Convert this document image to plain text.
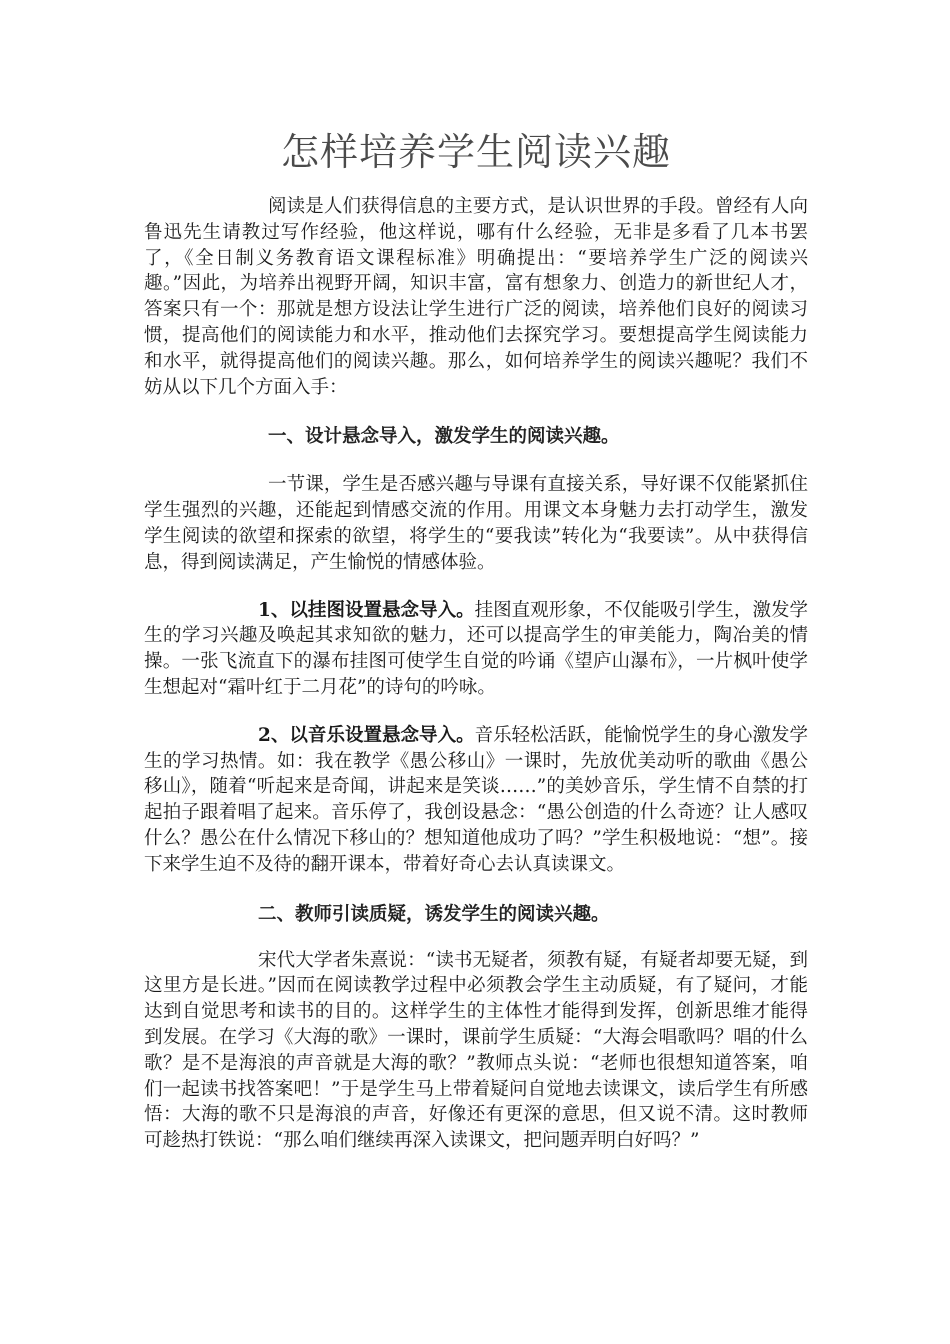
怎样培养学生阅读兴趣

阅读是人们获得信息的主要方式，是认识世界的手段。曾经有人向鲁迅先生请教过写作经验，他这样说，哪有什么经验，无非是多看了几本书罢了，《全日制义务教育语文课程标准》明确提出：“要培养学生广泛的阅读兴趣。”因此，为培养出视野开阔，知识丰富，富有想象力、创造力的新世纪人才，答案只有一个：那就是想方设法让学生进行广泛的阅读，培养他们良好的阅读习惯，提高他们的阅读能力和水平，推动他们去探究学习。要想提高学生阅读能力和水平，就得提高他们的阅读兴趣。那么，如何培养学生的阅读兴趣呢？我们不妨从以下几个方面入手：

一、设计悬念导入，激发学生的阅读兴趣。

一节课，学生是否感兴趣与导课有直接关系，导好课不仅能紧抓住学生强烈的兴趣，还能起到情感交流的作用。用课文本身魅力去打动学生，激发学生阅读的欲望和探索的欲望，将学生的“要我读”转化为“我要读”。从中获得信息，得到阅读满足，产生愉悦的情感体验。

1、以挂图设置悬念导入。挂图直观形象，不仅能吸引学生，激发学生的学习兴趣及唤起其求知欲的魅力，还可以提高学生的审美能力，陶冶美的情操。一张飞流直下的瀑布挂图可使学生自觉的吟诵《望庐山瀑布》，一片枫叶使学生想起对“霜叶红于二月花”的诗句的吟咏。

2、以音乐设置悬念导入。音乐轻松活跃，能愉悦学生的身心激发学生的学习热情。如：我在教学《愚公移山》一课时，先放优美动听的歌曲《愚公移山》，随着“听起来是奇闻，讲起来是笑谈……”的美妙音乐，学生情不自禁的打起拍子跟着唱了起来。音乐停了，我创设悬念：“愚公创造的什么奇迹？让人感叹什么？愚公在什么情况下移山的？想知道他成功了吗？”学生积极地说：“想”。接下来学生迫不及待的翻开课本，带着好奇心去认真读课文。

二、教师引读质疑，诱发学生的阅读兴趣。

宋代大学者朱熹说：“读书无疑者，须教有疑，有疑者却要无疑，到这里方是长进。”因而在阅读教学过程中必须教会学生主动质疑，有了疑问，才能达到自觉思考和读书的目的。这样学生的主体性才能得到发挥，创新思维才能得到发展。在学习《大海的歌》一课时，课前学生质疑：“大海会唱歌吗？唱的什么歌？是不是海浪的声音就是大海的歌？”教师点头说：“老师也很想知道答案，咱们一起读书找答案吧！”于是学生马上带着疑问自觉地去读课文，读后学生有所感悟：大海的歌不只是海浪的声音，好像还有更深的意思，但又说不清。这时教师可趁热打铁说：“那么咱们继续再深入读课文，把问题弄明白好吗？”
